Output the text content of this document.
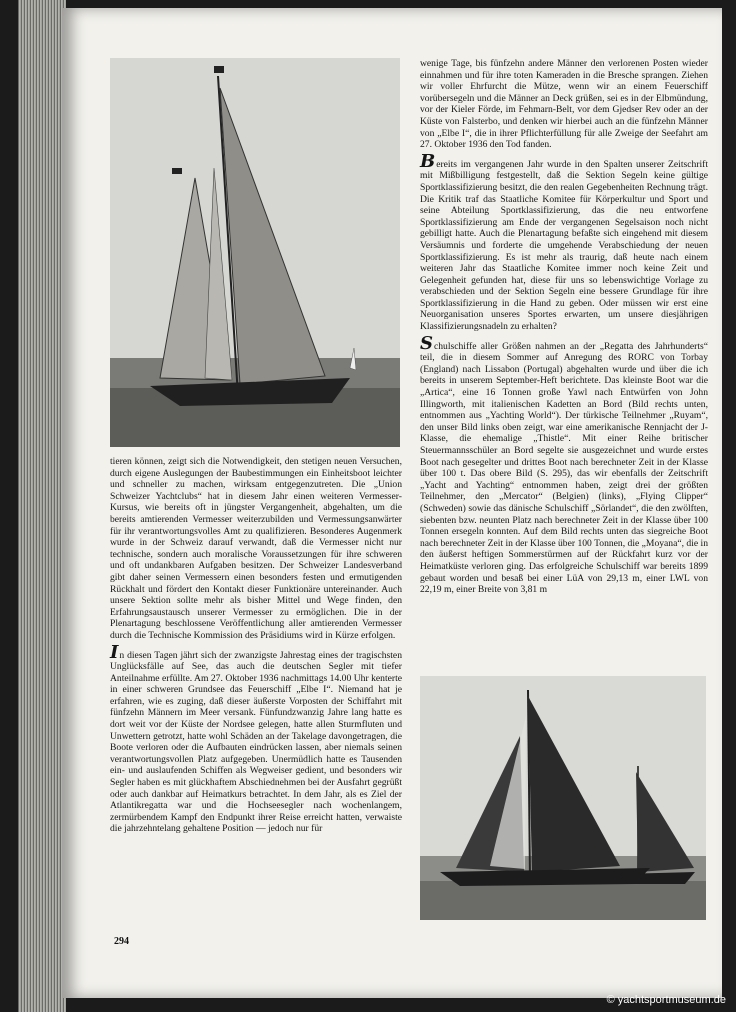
tieren können, zeigt sich die Notwendigkeit, den stetigen neuen Versuchen, durch eigene Auslegungen der Baubestimmungen ein Einheitsboot leichter und schneller zu machen, wirksam entgegenzutreten. Die „Union Schweizer Yachtclubs“ hat in diesem Jahr einen weiteren Vermesser-Kursus, wie bereits oft in jüngster Vergangenheit, abgehalten, um die bereits amtierenden Vermesser weiterzubilden und Vermessungsanwärter für ihr verantwortungsvolles Amt zu qualifizieren. Besonderes Augenmerk wurde in der Schweiz darauf verwandt, daß die Vermesser nicht nur technische, sondern auch moralische Voraussetzungen für ihre schweren und oft undankbaren Aufgaben besitzen. Der Schweizer Landesverband gibt daher seinen Vermessern einen besonders festen und ermutigenden Rückhalt und fördert den Kontakt dieser Funktionäre untereinander. Auch unsere Sektion sollte mehr als bisher Mittel und Wege finden, den Erfahrungsaustausch unserer Vermesser zu ermöglichen. Die in der Plenartagung beschlossene Veröffentlichung aller amtierenden Vermesser durch die Technische Kommission des Präsidiums wird in Kürze erfolgen.

In diesen Tagen jährt sich der zwanzigste Jahrestag eines der tragischsten Unglücksfälle auf See, das auch die deutschen Segler mit tiefer Anteilnahme erfüllte. Am 27. Oktober 1936 nachmittags 14.00 Uhr kenterte in einer schweren Grundsee das Feuerschiff „Elbe I“. Niemand hat je erfahren, wie es zuging, daß dieser äußerste Vorposten der Schiffahrt mit fünfzehn Männern im Meer versank. Fünfundzwanzig Jahre lang hatte es dort weit vor der Küste der Nordsee gelegen, hatte allen Sturmfluten und Unwettern getrotzt, hatte wohl Schäden an der Takelage davongetragen, die Boote verloren oder die Aufbauten eindrücken lassen, aber niemals seinen verantwortungsvollen Platz aufgegeben. Unermüdlich hatte es Tausenden ein- und auslaufenden Schiffen als Wegweiser gedient, und besonders wir Segler haben es mit glückhaftem Abschiednehmen bei der Ausfahrt gegrüßt oder auch dankbar auf Heimatkurs betrachtet. In dem Jahr, als es Ziel der Atlantikregatta war und die Hochseesegler nach wochenlangem, zermürbendem Kampf den Endpunkt ihrer Reise erreicht hatten, verwaiste die jahrzehntelang gehaltene Position — jedoch nur für

wenige Tage, bis fünfzehn andere Männer den verlorenen Posten wieder einnahmen und für ihre toten Kameraden in die Bresche sprangen. Ziehen wir voller Ehrfurcht die Mütze, wenn wir an einem Feuerschiff vorübersegeln und die Männer an Deck grüßen, sei es in der Elbmündung, vor der Kieler Förde, im Fehmarn-Belt, vor dem Gjedser Rev oder an der Küste von Falsterbo, und denken wir hierbei auch an die fünfzehn Männer von „Elbe I“, die in ihrer Pflichterfüllung für alle Zweige der Seefahrt am 27. Oktober 1936 den Tod fanden.

Bereits im vergangenen Jahr wurde in den Spalten unserer Zeitschrift mit Mißbilligung festgestellt, daß die Sektion Segeln keine gültige Sportklassifizierung besitzt, die den realen Gegebenheiten Rechnung trägt. Die Kritik traf das Staatliche Komitee für Körperkultur und Sport und seine Abteilung Sportklassifizierung, das die neu entworfene Sportklassifizierung am Ende der vergangenen Segelsaison noch nicht gebilligt hatte. Auch die Plenartagung befaßte sich eingehend mit diesem Versäumnis und forderte die umgehende Verabschiedung der neuen Sportklassifizierung. Es ist mehr als traurig, daß heute nach einem weiteren Jahr das Staatliche Komitee immer noch keine Zeit und Gelegenheit gefunden hat, diese für uns so lebenswichtige Vorlage zu verabschieden und der Sektion Segeln eine bessere Grundlage für ihre Sportklassifizierung in die Hand zu geben. Oder müssen wir erst eine Neuorganisation unseres Sportes erwarten, um unsere diesjährigen Klassifizierungsnadeln zu erhalten?

Schulschiffe aller Größen nahmen an der „Regatta des Jahrhunderts“ teil, die in diesem Sommer auf Anregung des RORC von Torbay (England) nach Lissabon (Portugal) abgehalten wurde und über die ich bereits in unserem September-Heft berichtete. Das kleinste Boot war die „Artica“, eine 16 Tonnen große Yawl nach Entwürfen von John Illingworth, mit italienischen Kadetten an Bord (Bild rechts unten, entnommen aus „Yachting World“). Der türkische Teilnehmer „Ruyam“, den unser Bild links oben zeigt, war eine amerikanische Rennjacht der J-Klasse, die ehemalige „Thistle“. Mit einer Reihe britischer Steuermannsschüler an Bord segelte sie ausgezeichnet und wurde erstes Boot nach gesegelter und drittes Boot nach berechneter Zeit in der Klasse über 100 t. Das obere Bild (S. 295), das wir ebenfalls der Zeitschrift „Yacht and Yachting“ entnommen haben, zeigt drei der größten Teilnehmer, den „Mercator“ (Belgien) (links), „Flying Clipper“ (Schweden) sowie das dänische Schulschiff „Sörlandet“, die den zwölften, siebenten bzw. neunten Platz nach berechneter Zeit in der Klasse über 100 Tonnen ersegeln konnten. Auf dem Bild rechts unten das siegreiche Boot nach berechneter Zeit in der Klasse über 100 Tonnen, die „Moyana“, die in den äußerst heftigen Sommerstürmen auf der Rückfahrt kurz vor der Heimatküste verloren ging. Das erfolgreiche Schulschiff war bereits 1899 gebaut worden und besaß bei einer LüA von 29,13 m, einer LWL von 22,19 m, einer Breite von 3,81 m

294
© yachtsportmuseum.de
